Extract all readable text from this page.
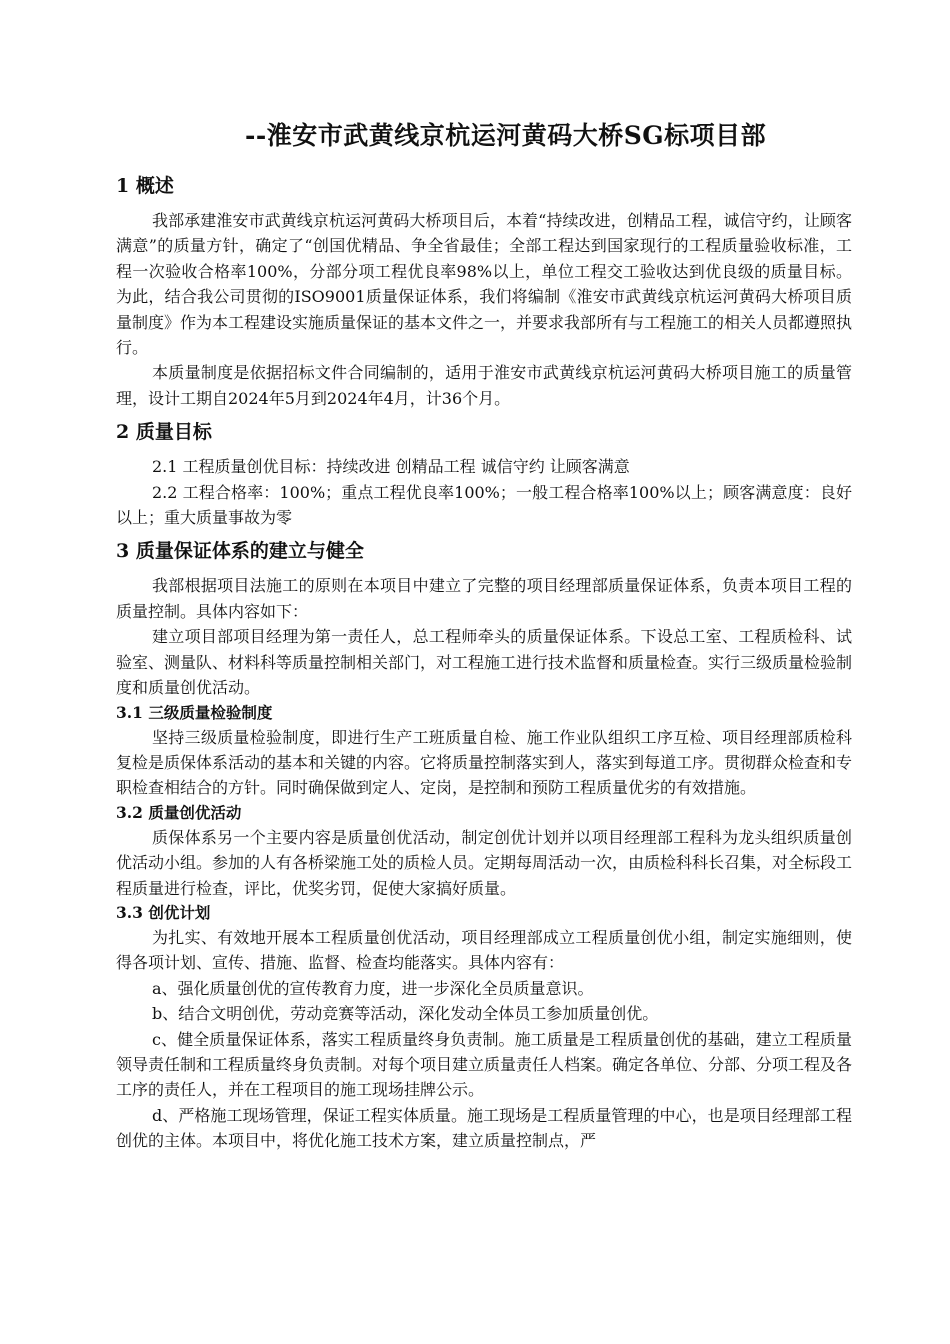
--淮安市武黄线京杭运河黄码大桥SG标项目部
1 概述

我部承建淮安市武黄线京杭运河黄码大桥项目后，本着“持续改进，创精品工程，诚信守约，让顾客满意”的质量方针，确定了“创国优精品、争全省最佳；全部工程达到国家现行的工程质量验收标准，工程一次验收合格率100%，分部分项工程优良率98%以上，单位工程交工验收达到优良级的质量目标。为此，结合我公司贯彻的ISO9001质量保证体系，我们将编制《淮安市武黄线京杭运河黄码大桥项目质量制度》作为本工程建设实施质量保证的基本文件之一，并要求我部所有与工程施工的相关人员都遵照执行。

本质量制度是依据招标文件合同编制的，适用于淮安市武黄线京杭运河黄码大桥项目施工的质量管理，设计工期自2024年5月到2024年4月，计36个月。

2 质量目标

2.1 工程质量创优目标：持续改进 创精品工程 诚信守约 让顾客满意

2.2 工程合格率：100%；重点工程优良率100%；一般工程合格率100%以上；顾客满意度：良好以上；重大质量事故为零

3 质量保证体系的建立与健全

我部根据项目法施工的原则在本项目中建立了完整的项目经理部质量保证体系，负责本项目工程的质量控制。具体内容如下：

建立项目部项目经理为第一责任人，总工程师牵头的质量保证体系。下设总工室、工程质检科、试验室、测量队、材料科等质量控制相关部门，对工程施工进行技术监督和质量检查。实行三级质量检验制度和质量创优活动。

3.1 三级质量检验制度

坚持三级质量检验制度，即进行生产工班质量自检、施工作业队组织工序互检、项目经理部质检科复检是质保体系活动的基本和关键的内容。它将质量控制落实到人，落实到每道工序。贯彻群众检查和专职检查相结合的方针。同时确保做到定人、定岗，是控制和预防工程质量优劣的有效措施。

3.2 质量创优活动

质保体系另一个主要内容是质量创优活动，制定创优计划并以项目经理部工程科为龙头组织质量创优活动小组。参加的人有各桥梁施工处的质检人员。定期每周活动一次，由质检科科长召集，对全标段工程质量进行检查，评比，优奖劣罚，促使大家搞好质量。

3.3 创优计划

为扎实、有效地开展本工程质量创优活动，项目经理部成立工程质量创优小组，制定实施细则，使得各项计划、宣传、措施、监督、检查均能落实。具体内容有：

a、强化质量创优的宣传教育力度，进一步深化全员质量意识。

b、结合文明创优，劳动竞赛等活动，深化发动全体员工参加质量创优。

c、健全质量保证体系，落实工程质量终身负责制。施工质量是工程质量创优的基础，建立工程质量领导责任制和工程质量终身负责制。对每个项目建立质量责任人档案。确定各单位、分部、分项工程及各工序的责任人，并在工程项目的施工现场挂牌公示。

d、严格施工现场管理，保证工程实体质量。施工现场是工程质量管理的中心，也是项目经理部工程创优的主体。本项目中，将优化施工技术方案，建立质量控制点，严
